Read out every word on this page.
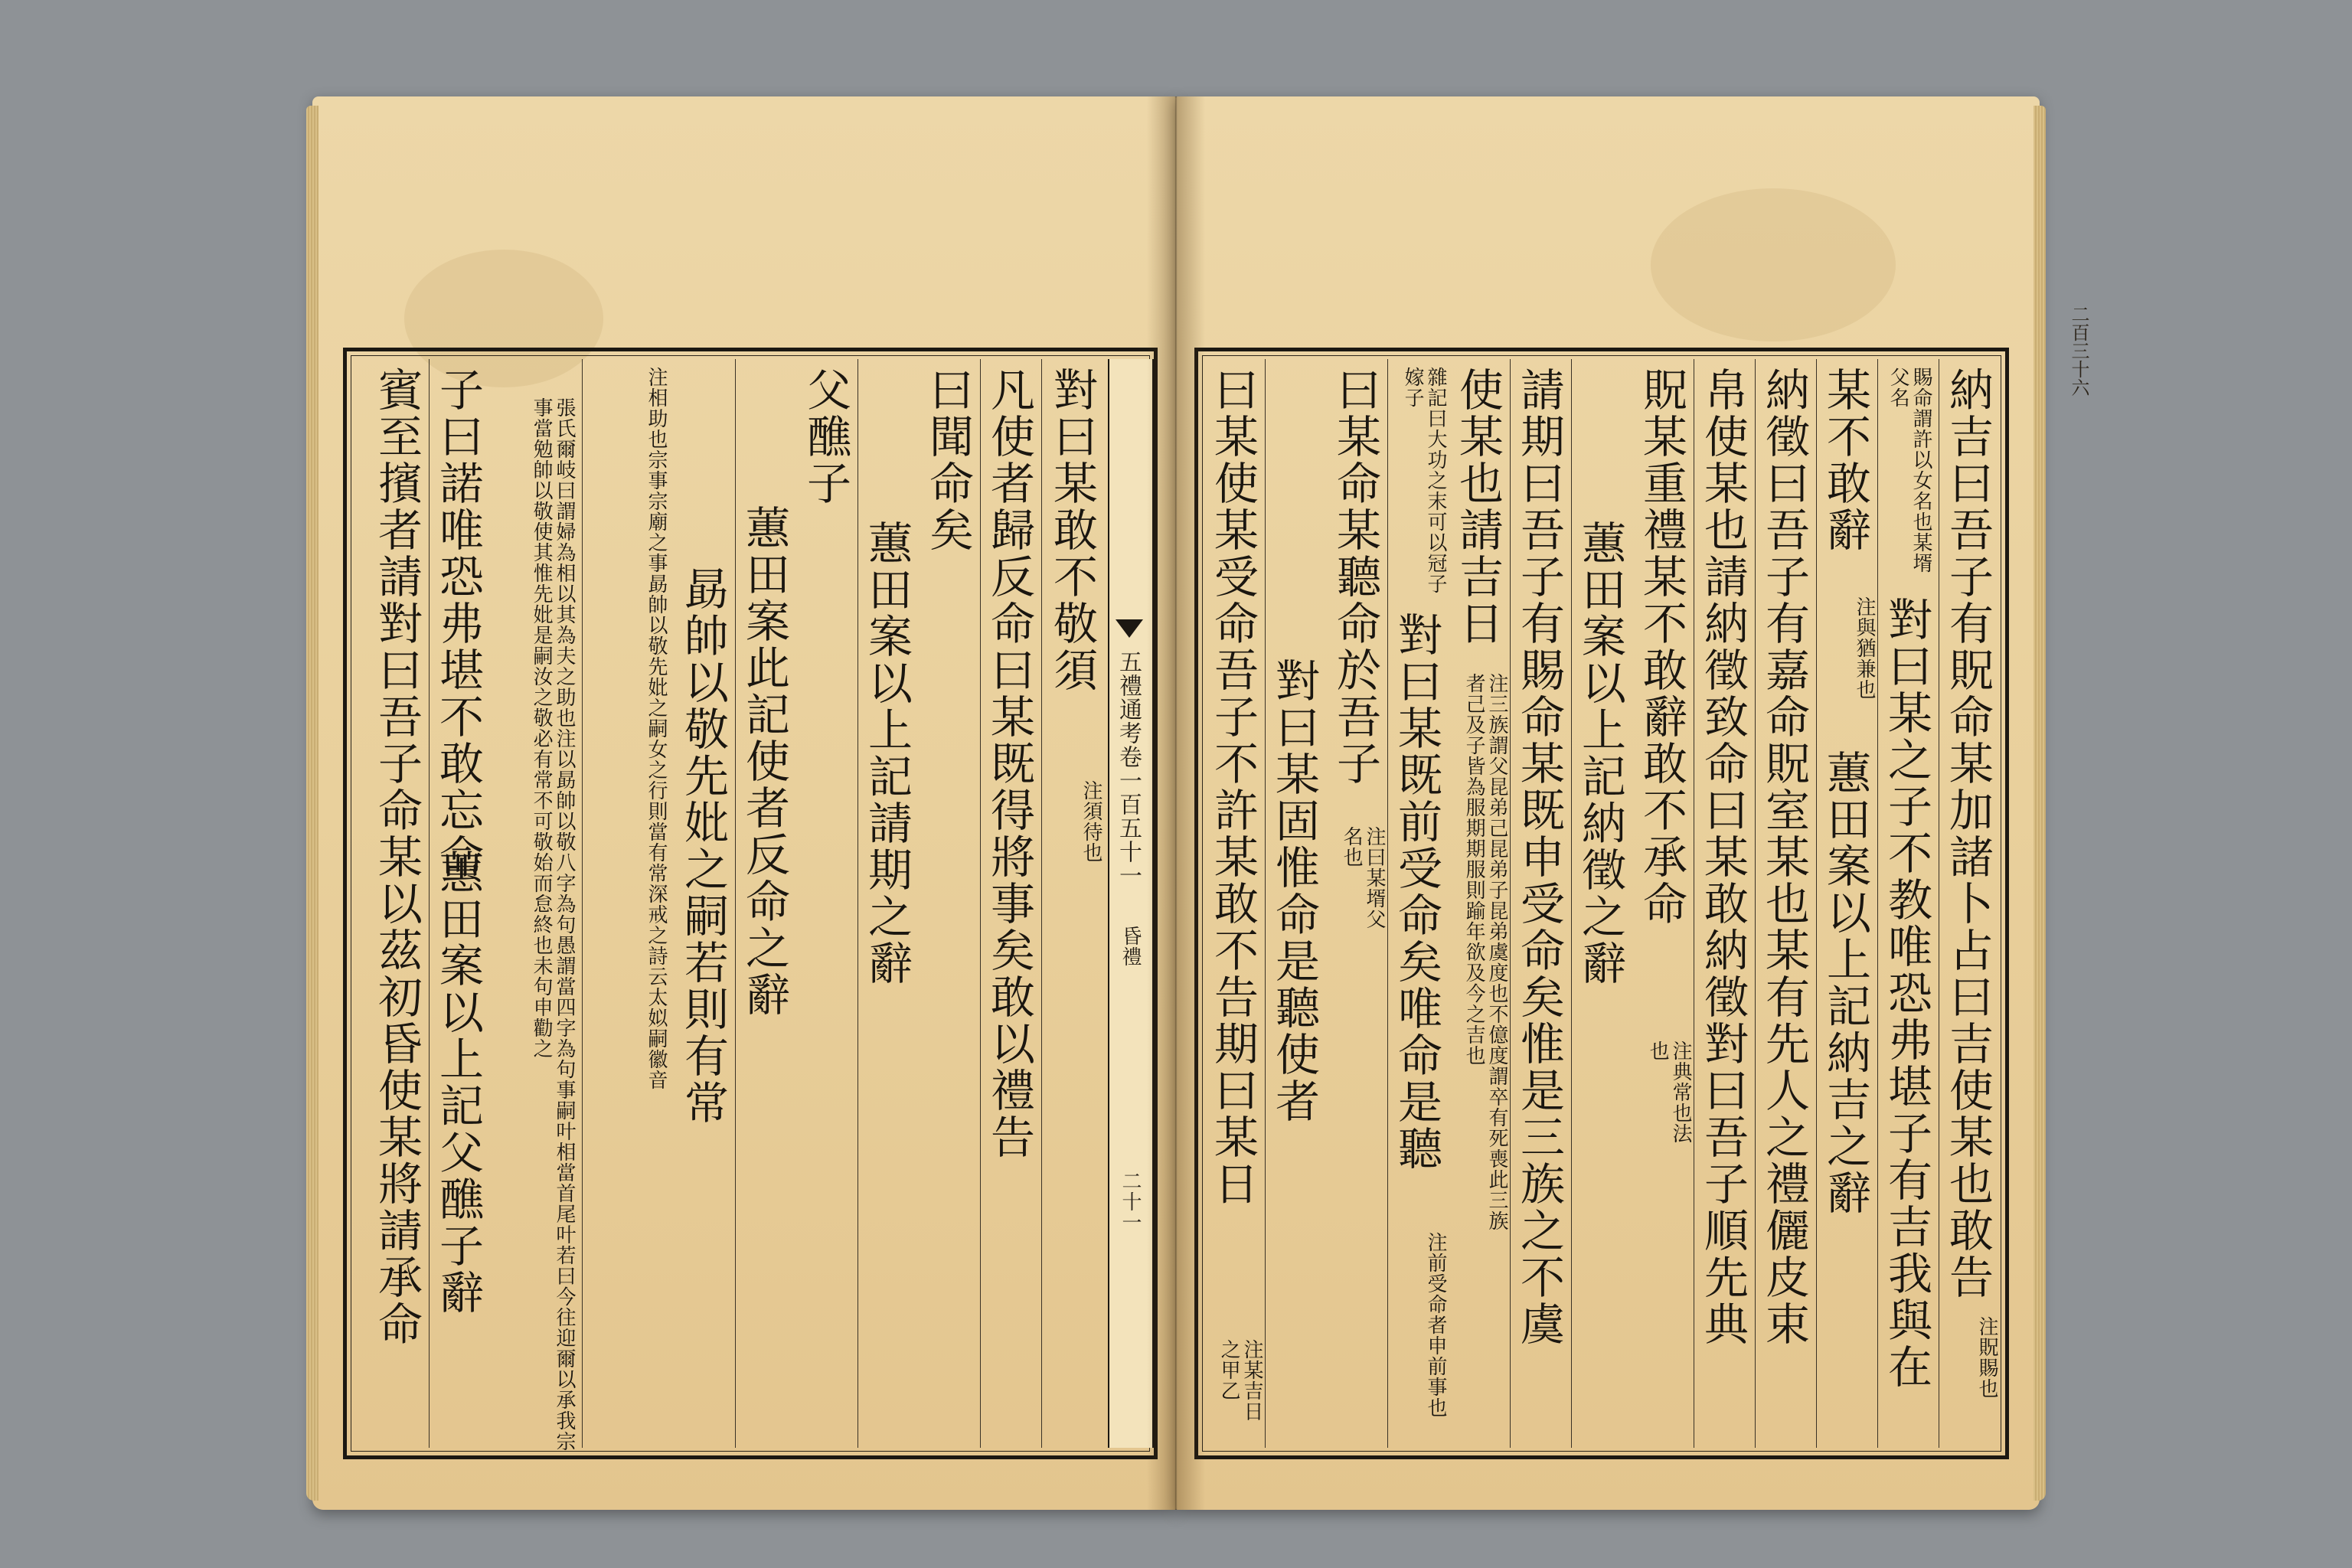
五禮通考卷一百五十一
昏禮
二十一
對曰某敢不敬須
注須待也
凡使者歸反命曰某既得將事矣敢以禮告
曰聞命矣
蕙田案以上記請期之辭
父醮子
蕙田案此記使者反命之辭
勗帥以敬先妣之嗣若則有常
注相助也宗事宗廟之事勗帥以敬先妣之嗣女之行則當有常深戒之詩云太姒嗣徽音
張氏爾岐曰謂婦為相以其為夫之助也注以勗帥以敬八字為句愚謂當四字為句事嗣叶相當首尾叶若曰今往迎爾以承我宗事當勉帥以敬使其惟先妣是嗣汝之敬必有常不可敬始而怠終也未句申勸之
子曰諾唯恐弗堪不敢忘命
蕙田案以上記父醮子辭
賓至擯者請對曰吾子命某以茲初昏使某將請承命
二百三十六
納吉曰吾子有貺命某加諸卜占曰吉使某也敢告
注貺賜也
賜命謂許以女名也某壻父名
對曰某之子不教唯恐弗堪子有吉我與在
某不敢辭
注與猶兼也
蕙田案以上記納吉之辭
納徵曰吾子有嘉命貺室某也某有先人之禮儷皮束
帛使某也請納徵致命曰某敢納徵對曰吾子順先典
貺某重禮某不敢辭敢不承命
注典常也法也
蕙田案以上記納徵之辭
請期曰吾子有賜命某既申受命矣惟是三族之不虞
使某也請吉日
注三族謂父昆弟己昆弟子昆弟虞度也不億度謂卒有死喪此三族者己及子皆為服期期服則踰年欲及今之吉也
雜記曰大功之末可以冠子嫁子
對曰某既前受命矣唯命是聽
注前受命者申前事也
曰某命某聽命於吾子
注曰某壻父名也
對曰某固惟命是聽使者
曰某使某受命吾子不許某敢不告期曰某日
注某吉日之甲乙
